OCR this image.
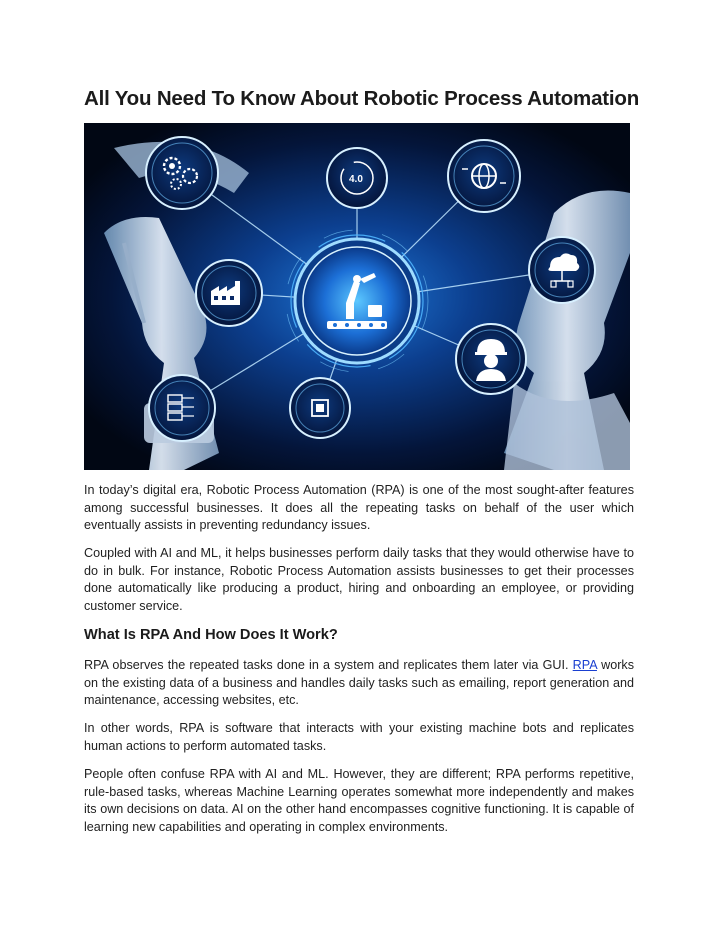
All You Need To Know About Robotic Process Automation
4.0

In today’s digital era, Robotic Process Automation (RPA) is one of the most sought-after features among successful businesses. It does all the repeating tasks on behalf of the user which eventually assists in preventing redundancy issues.

Coupled with AI and ML, it helps businesses perform daily tasks that they would otherwise have to do in bulk. For instance, Robotic Process Automation assists businesses to get their processes done automatically like producing a product, hiring and onboarding an employee, or providing customer service.

What Is RPA And How Does It Work?

RPA observes the repeated tasks done in a system and replicates them later via GUI. RPA works on the existing data of a business and handles daily tasks such as emailing, report generation and maintenance, accessing websites, etc.

In other words, RPA is software that interacts with your existing machine bots and replicates human actions to perform automated tasks.

People often confuse RPA with AI and ML. However, they are different; RPA performs repetitive, rule-based tasks, whereas Machine Learning operates somewhat more independently and makes its own decisions on data. AI on the other hand encompasses cognitive functioning. It is capable of learning new capabilities and operating in complex environments.
